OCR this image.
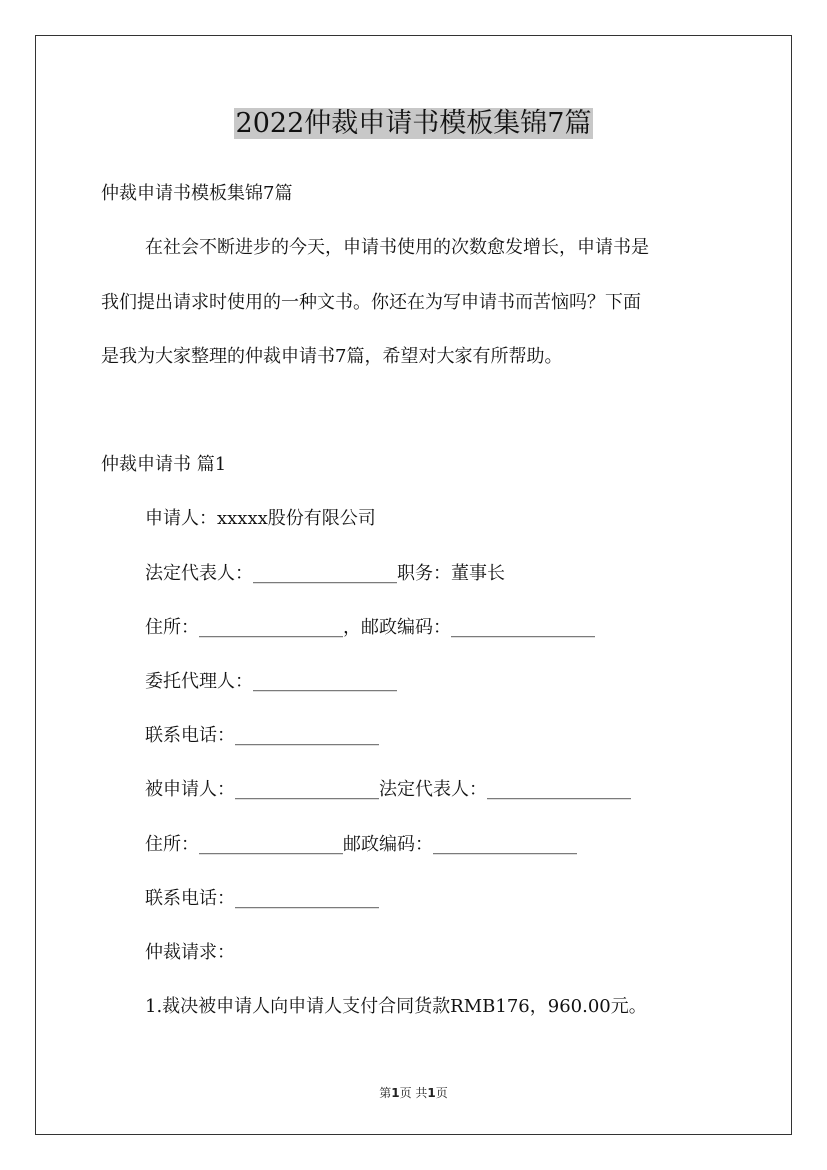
2022仲裁申请书模板集锦7篇
仲裁申请书模板集锦7篇
在社会不断进步的今天，申请书使用的次数愈发增长，申请书是
我们提出请求时使用的一种文书。你还在为写申请书而苦恼吗？下面
是我为大家整理的仲裁申请书7篇，希望对大家有所帮助。
仲裁申请书 篇1
申请人：xxxxx股份有限公司
法定代表人：________________职务：董事长
住所：________________，邮政编码：________________
委托代理人：________________
联系电话：________________
被申请人：________________法定代表人：________________
住所：________________邮政编码：________________
联系电话：________________
仲裁请求：
1.裁决被申请人向申请人支付合同货款RMB176，960.00元。
第1页 共1页
